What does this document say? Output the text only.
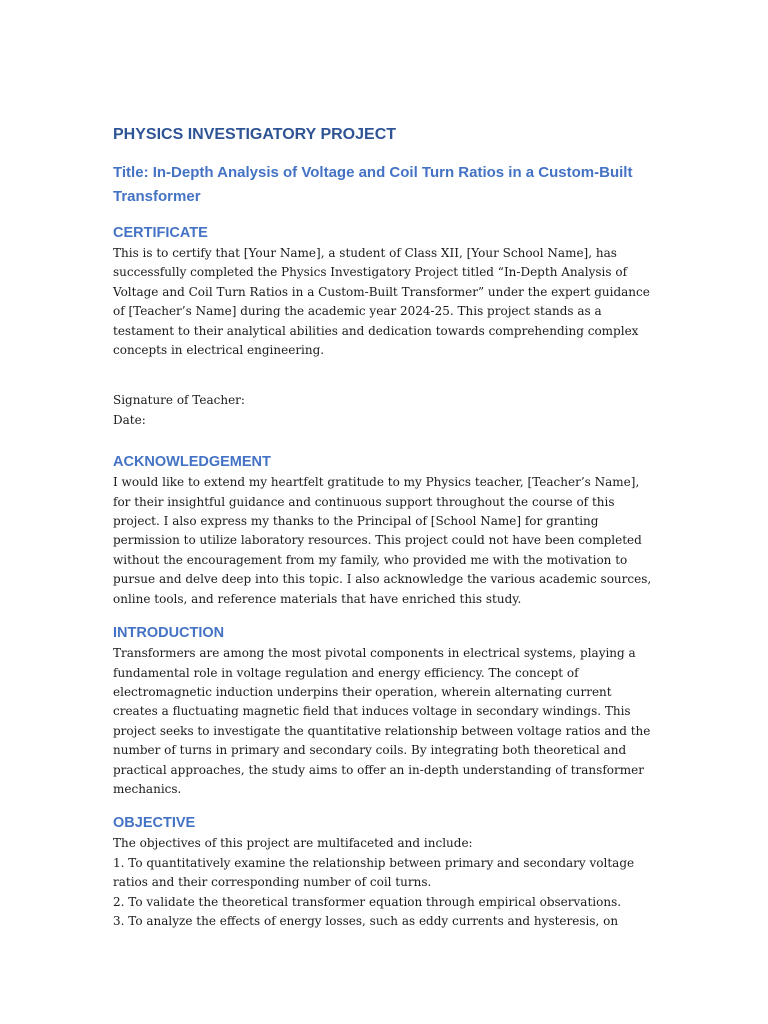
PHYSICS INVESTIGATORY PROJECT
Title: In-Depth Analysis of Voltage and Coil Turn Ratios in a Custom-Built Transformer
CERTIFICATE

This is to certify that [Your Name], a student of Class XII, [Your School Name], has successfully completed the Physics Investigatory Project titled “In-Depth Analysis of Voltage and Coil Turn Ratios in a Custom-Built Transformer” under the expert guidance of [Teacher’s Name] during the academic year 2024-25. This project stands as a testament to their analytical abilities and dedication towards comprehending complex concepts in electrical engineering.

Signature of Teacher:

Date:

ACKNOWLEDGEMENT

I would like to extend my heartfelt gratitude to my Physics teacher, [Teacher’s Name], for their insightful guidance and continuous support throughout the course of this project. I also express my thanks to the Principal of [School Name] for granting permission to utilize laboratory resources. This project could not have been completed without the encouragement from my family, who provided me with the motivation to pursue and delve deep into this topic. I also acknowledge the various academic sources, online tools, and reference materials that have enriched this study.

INTRODUCTION

Transformers are among the most pivotal components in electrical systems, playing a fundamental role in voltage regulation and energy efficiency. The concept of electromagnetic induction underpins their operation, wherein alternating current creates a fluctuating magnetic field that induces voltage in secondary windings. This project seeks to investigate the quantitative relationship between voltage ratios and the number of turns in primary and secondary coils. By integrating both theoretical and practical approaches, the study aims to offer an in-depth understanding of transformer mechanics.

OBJECTIVE

The objectives of this project are multifaceted and include:

1. To quantitatively examine the relationship between primary and secondary voltage ratios and their corresponding number of coil turns.

2. To validate the theoretical transformer equation through empirical observations.

3. To analyze the effects of energy losses, such as eddy currents and hysteresis, on
